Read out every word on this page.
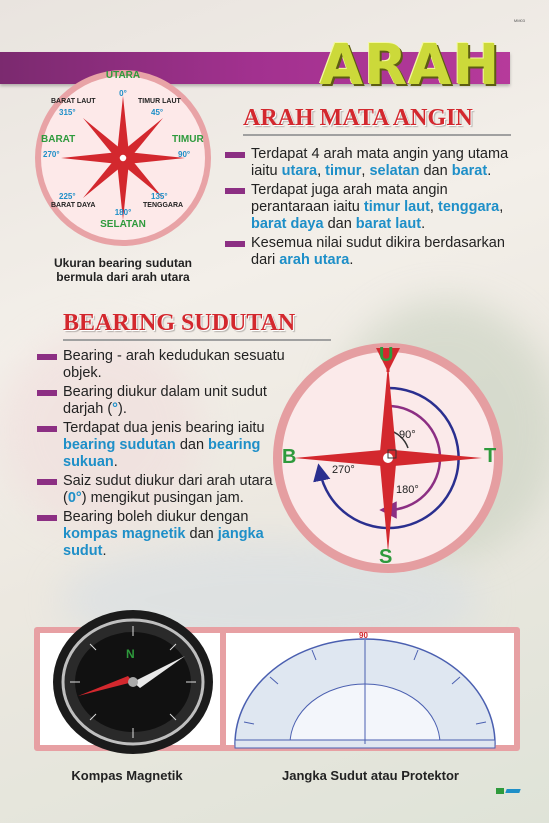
MM03
ARAH
UTARA
0°
BARAT LAUT
315°
TIMUR LAUT
45°
BARAT
270°
TIMUR
90°
225°
BARAT DAYA
135°
TENGGARA
180°
SELATAN
Ukuran bearing sudutan bermula dari arah utara
ARAH MATA ANGIN
Terdapat 4 arah mata angin yang utama iaitu utara, timur, selatan dan barat.
Terdapat juga arah mata angin perantaraan iaitu timur laut, tenggara, barat daya dan barat laut.
Kesemua nilai sudut dikira berdasarkan dari arah utara.
BEARING SUDUTAN
Bearing - arah kedudukan sesuatu objek.
Bearing diukur dalam unit sudut darjah (°).
Terdapat dua jenis bearing iaitu bearing sudutan dan bearing sukuan.
Saiz sudut diukur dari arah utara (0°) mengikut pusingan jam.
Bearing boleh diukur dengan kompas magnetik dan jangka sudut.
U
T
S
B
90°
180°
270°
N
90
Kompas Magnetik	Jangka Sudut atau Protektor
